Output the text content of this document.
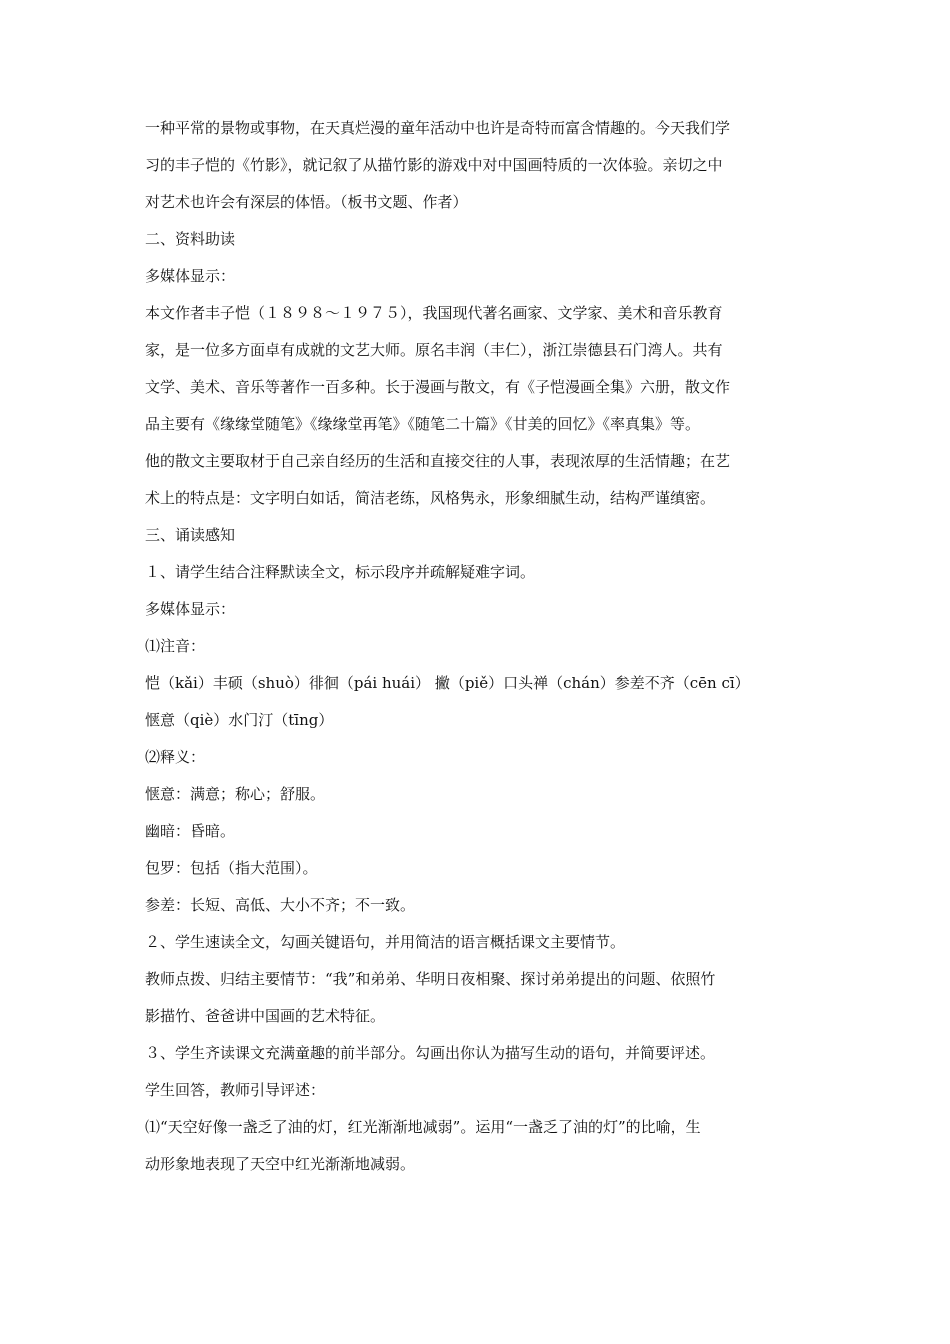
一种平常的景物或事物，在天真烂漫的童年活动中也许是奇特而富含情趣的。今天我们学
习的丰子恺的《竹影》，就记叙了从描竹影的游戏中对中国画特质的一次体验。亲切之中
对艺术也许会有深层的体悟。（板书文题、作者）
二、资料助读
多媒体显示：
本文作者丰子恺（１８９８～１９７５），我国现代著名画家、文学家、美术和音乐教育
家，是一位多方面卓有成就的文艺大师。原名丰润（丰仁），浙江崇德县石门湾人。共有
文学、美术、音乐等著作一百多种。长于漫画与散文，有《子恺漫画全集》六册，散文作
品主要有《缘缘堂随笔》《缘缘堂再笔》《随笔二十篇》《甘美的回忆》《率真集》等。
他的散文主要取材于自己亲自经历的生活和直接交往的人事，表现浓厚的生活情趣；在艺
术上的特点是：文字明白如话，简洁老练，风格隽永，形象细腻生动，结构严谨缜密。
三、诵读感知
１、请学生结合注释默读全文，标示段序并疏解疑难字词。
多媒体显示：
⑴注音：
恺（kǎi）丰硕（shuò）徘徊（pái huái） 撇（piě）口头禅（chán）参差不齐（cēn cī）
惬意（qiè）水门汀（tīng）
⑵释义：
惬意：满意；称心；舒服。
幽暗：昏暗。
包罗：包括（指大范围）。
参差：长短、高低、大小不齐；不一致。
２、学生速读全文，勾画关键语句，并用简洁的语言概括课文主要情节。
教师点拨、归结主要情节：“我”和弟弟、华明日夜相聚、探讨弟弟提出的问题、依照竹
影描竹、爸爸讲中国画的艺术特征。
３、学生齐读课文充满童趣的前半部分。勾画出你认为描写生动的语句，并简要评述。
学生回答，教师引导评述：
⑴“天空好像一盏乏了油的灯，红光渐渐地减弱”。运用“一盏乏了油的灯”的比喻，生
动形象地表现了天空中红光渐渐地减弱。
